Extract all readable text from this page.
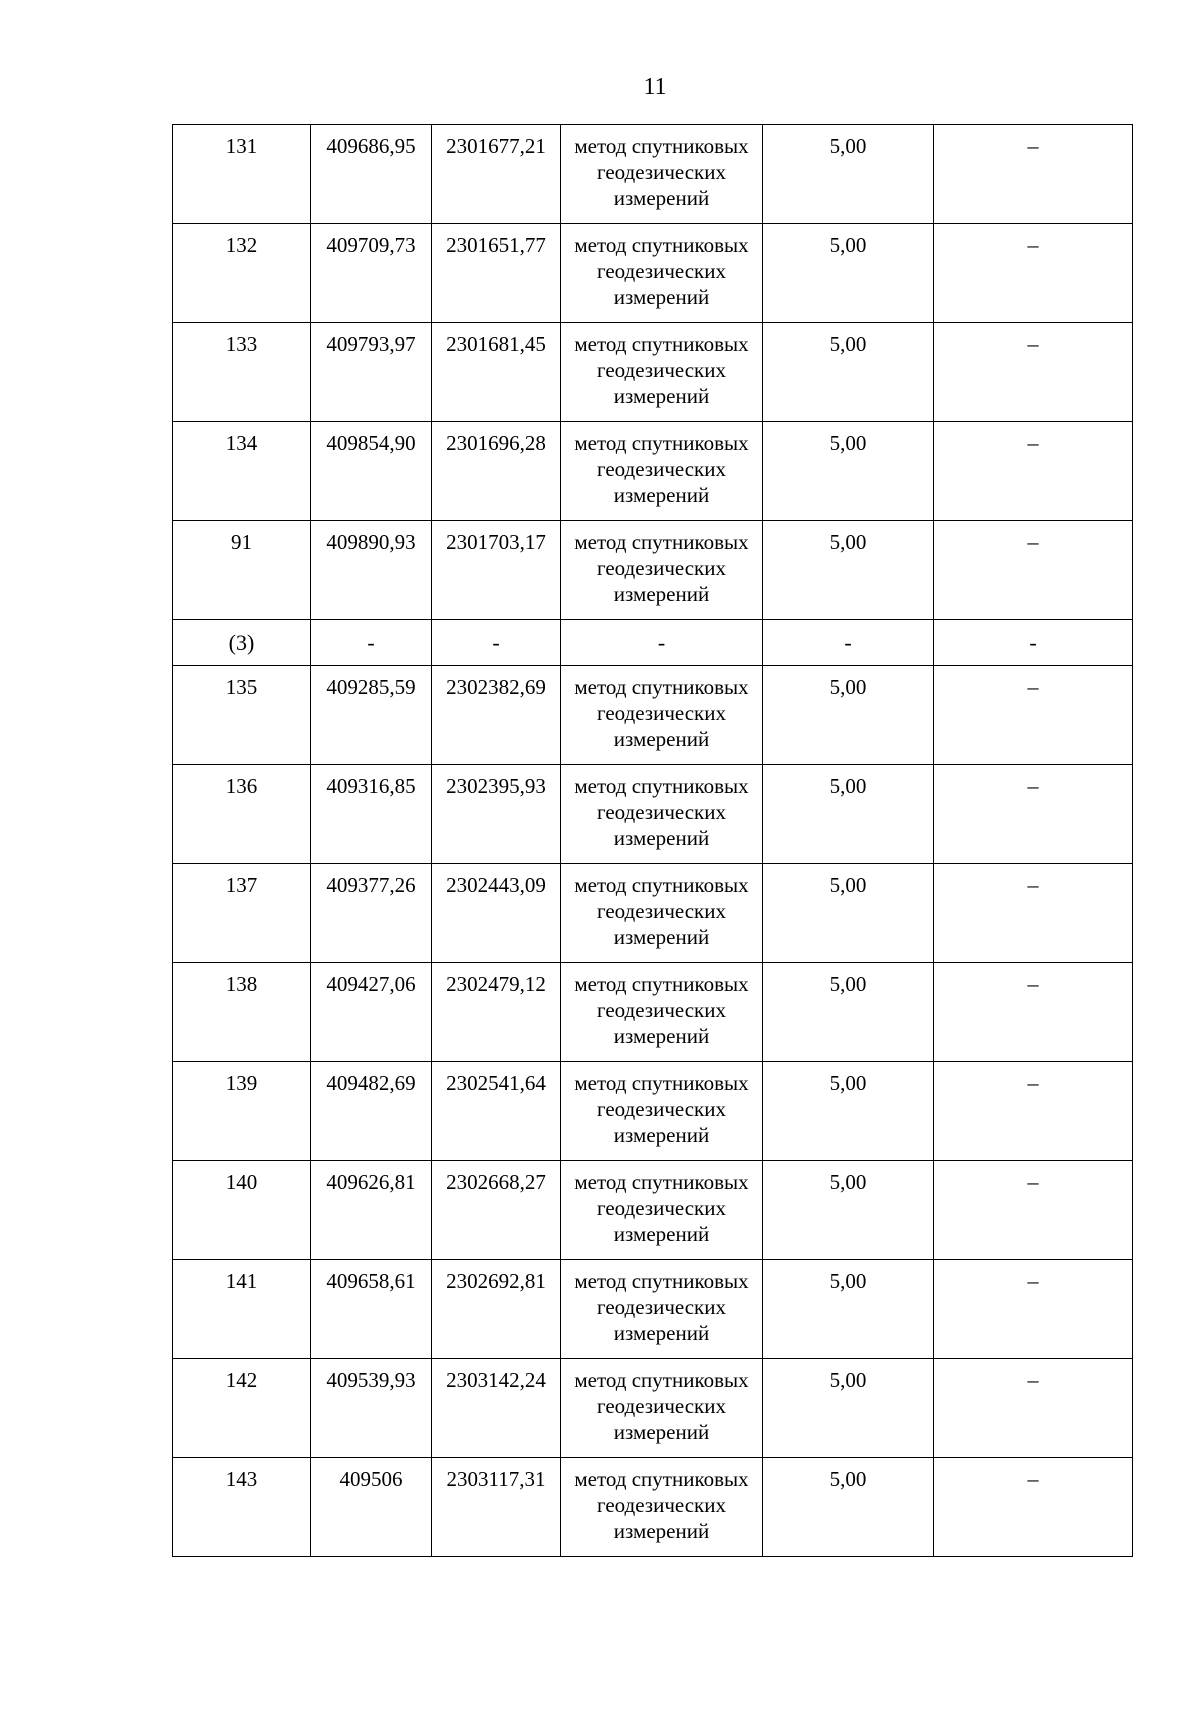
11
131	409686,95	2301677,21	метод спутниковых геодезических измерений	5,00	–
132	409709,73	2301651,77	метод спутниковых геодезических измерений	5,00	–
133	409793,97	2301681,45	метод спутниковых геодезических измерений	5,00	–
134	409854,90	2301696,28	метод спутниковых геодезических измерений	5,00	–
91	409890,93	2301703,17	метод спутниковых геодезических измерений	5,00	–
(3)	-	-	-	-	-
135	409285,59	2302382,69	метод спутниковых геодезических измерений	5,00	–
136	409316,85	2302395,93	метод спутниковых геодезических измерений	5,00	–
137	409377,26	2302443,09	метод спутниковых геодезических измерений	5,00	–
138	409427,06	2302479,12	метод спутниковых геодезических измерений	5,00	–
139	409482,69	2302541,64	метод спутниковых геодезических измерений	5,00	–
140	409626,81	2302668,27	метод спутниковых геодезических измерений	5,00	–
141	409658,61	2302692,81	метод спутниковых геодезических измерений	5,00	–
142	409539,93	2303142,24	метод спутниковых геодезических измерений	5,00	–
143	409506	2303117,31	метод спутниковых геодезических измерений	5,00	–
